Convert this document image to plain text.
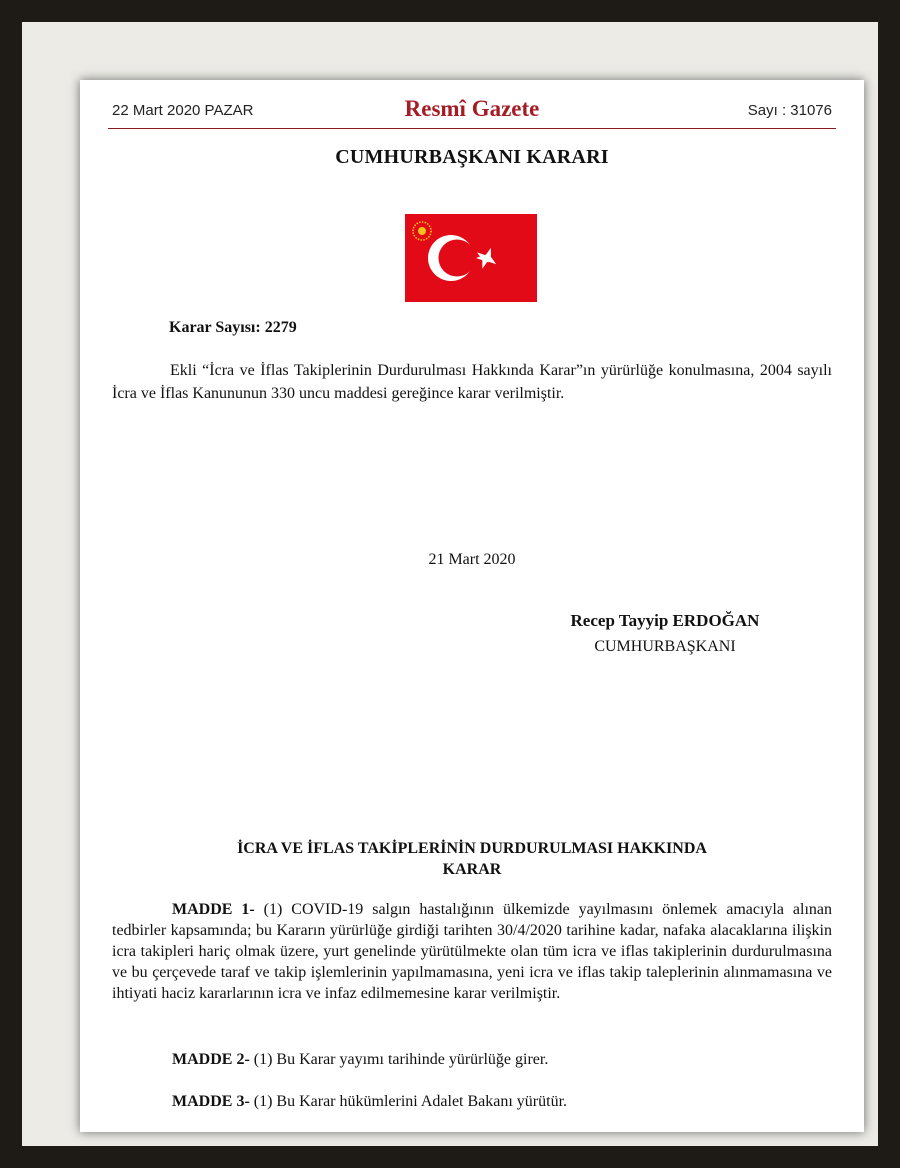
22 Mart 2020 PAZAR	Resmî Gazete	Sayı : 31076
CUMHURBAŞKANI KARARI
Karar Sayısı: 2279
Ekli “İcra ve İflas Takiplerinin Durdurulması Hakkında Karar”ın yürürlüğe konulmasına, 2004 sayılı İcra ve İflas Kanununun 330 uncu maddesi gereğince karar verilmiştir.
21 Mart 2020
Recep Tayyip ERDOĞAN
CUMHURBAŞKANI
İCRA VE İFLAS TAKİPLERİNİN DURDURULMASI HAKKINDA
KARAR
MADDE 1- (1) COVID-19 salgın hastalığının ülkemizde yayılmasını önlemek amacıyla alınan tedbirler kapsamında; bu Kararın yürürlüğe girdiği tarihten 30/4/2020 tarihine kadar, nafaka alacaklarına ilişkin icra takipleri hariç olmak üzere, yurt genelinde yürütülmekte olan tüm icra ve iflas takiplerinin durdurulmasına ve bu çerçevede taraf ve takip işlemlerinin yapılmamasına, yeni icra ve iflas takip taleplerinin alınmamasına ve ihtiyati haciz kararlarının icra ve infaz edilmemesine karar verilmiştir.
MADDE 2- (1) Bu Karar yayımı tarihinde yürürlüğe girer.
MADDE 3- (1) Bu Karar hükümlerini Adalet Bakanı yürütür.
